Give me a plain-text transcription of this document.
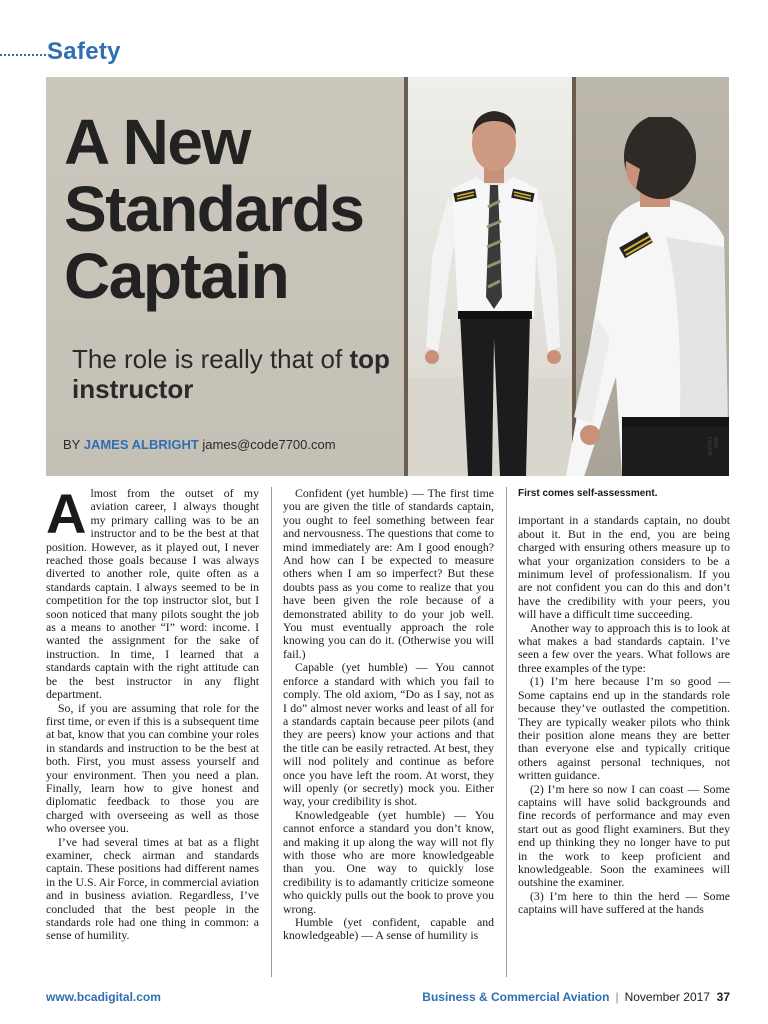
Safety
A New Standards Captain
The role is really that of top instructor
BY JAMES ALBRIGHT james@code7700.com	NAN LUGAIN

Almost from the outset of my aviation career, I always thought my primary calling was to be an instructor and to be the best at that position. However, as it played out, I never reached those goals because I was always diverted to another role, quite often as a standards captain. I always seemed to be in competition for the top instructor slot, but I soon noticed that many pilots sought the job as a means to another “I” word: income. I wanted the assignment for the sake of instruction. In time, I learned that a standards captain with the right attitude can be the best instructor in any flight department.

So, if you are assuming that role for the first time, or even if this is a subsequent time at bat, know that you can combine your roles in standards and instruction to be the best at both. First, you must assess yourself and your environment. Then you need a plan. Finally, learn how to give honest and diplomatic feedback to those you are charged with overseeing as well as those who oversee you.

I’ve had several times at bat as a flight examiner, check airman and standards captain. These positions had different names in the U.S. Air Force, in commercial aviation and in business aviation. Regardless, I’ve concluded that the best people in the standards role had one thing in common: a sense of humility.

Confident (yet humble) — The first time you are given the title of standards captain, you ought to feel something between fear and nervousness. The questions that come to mind immediately are: Am I good enough? And how can I be expected to measure others when I am so imperfect? But these doubts pass as you come to realize that you have been given the role because of a demonstrated ability to do your job well. You must eventually approach the role knowing you can do it. (Otherwise you will fail.)

Capable (yet humble) — You cannot enforce a standard with which you fail to comply. The old axiom, “Do as I say, not as I do” almost never works and least of all for a standards captain because peer pilots (and they are peers) know your actions and that the title can be easily retracted. At best, they will nod politely and continue as before once you have left the room. At worst, they will openly (or secretly) mock you. Either way, your credibility is shot.

Knowledgeable (yet humble) — You cannot enforce a standard you don’t know, and making it up along the way will not fly with those who are more knowledgeable than you. One way to quickly lose credibility is to adamantly criticize someone who quickly pulls out the book to prove you wrong.

Humble (yet confident, capable and knowledgeable) — A sense of humility is

First comes self-assessment.

important in a standards captain, no doubt about it. But in the end, you are being charged with ensuring others measure up to what your organization considers to be a minimum level of professionalism. If you are not confident you can do this and don’t have the credibility with your peers, you will have a difficult time succeeding.

Another way to approach this is to look at what makes a bad standards captain. I’ve seen a few over the years. What follows are three examples of the type:

(1) I’m here because I’m so good — Some captains end up in the standards role because they’ve outlasted the competition. They are typically weaker pilots who think their position alone means they are better than everyone else and typically critique others against personal techniques, not written guidance.

(2) I’m here so now I can coast — Some captains will have solid backgrounds and fine records of performance and may even start out as good flight examiners. But they end up thinking they no longer have to put in the work to keep proficient and knowledgeable. Soon the examinees will outshine the examiner.

(3) I’m here to thin the herd — Some captains will have suffered at the hands

www.bcadigital.com	Business & Commercial Aviation | November 2017 37
